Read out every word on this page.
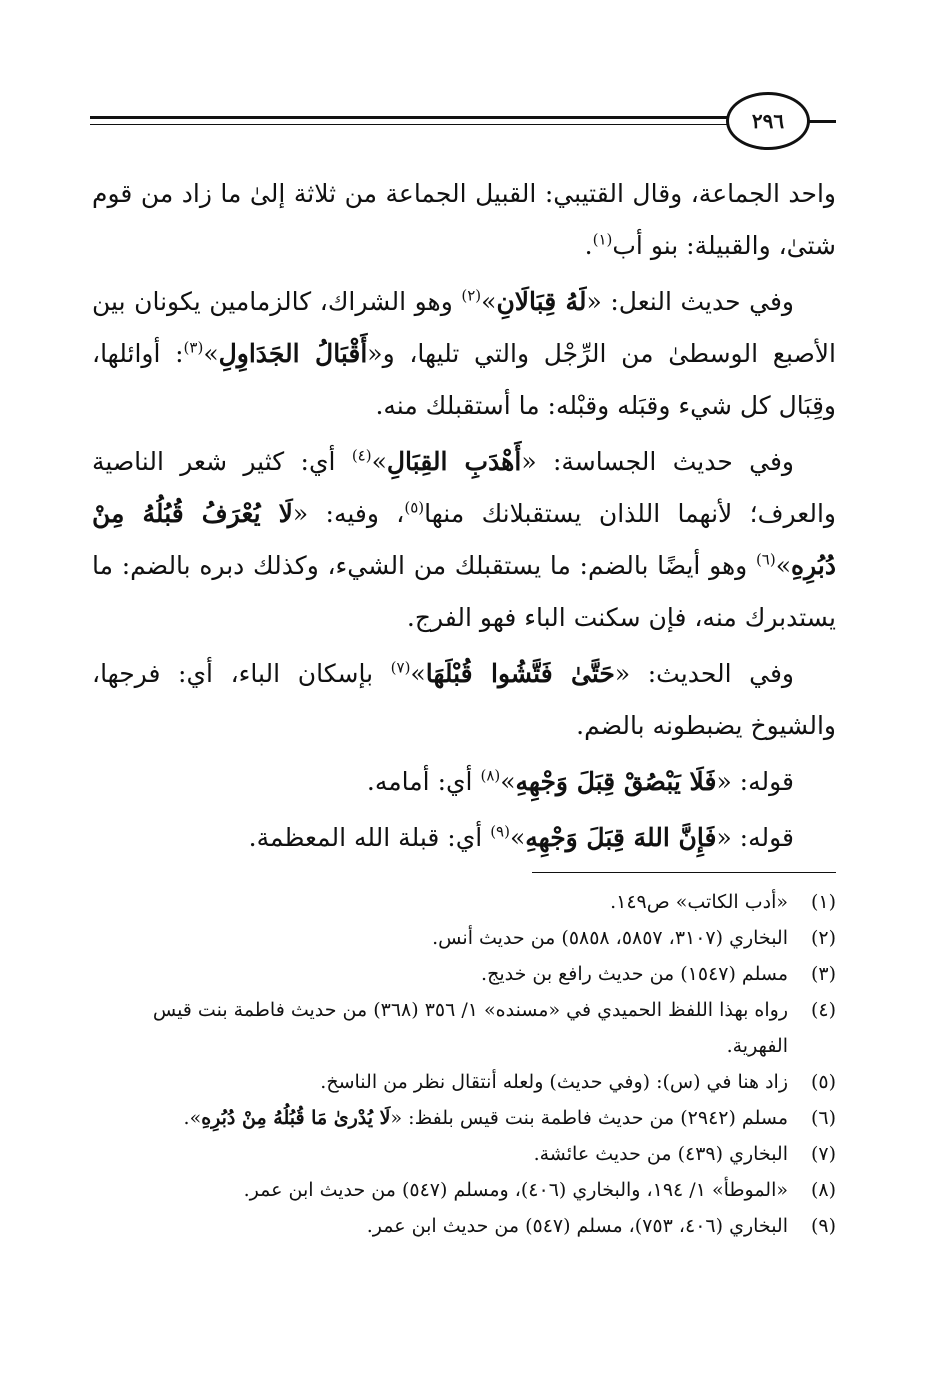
٢٩٦

واحد الجماعة، وقال القتيبي: القبيل الجماعة من ثلاثة إلىٰ ما زاد من قوم شتىٰ، والقبيلة: بنو أب$^{(١)}$.

وفي حديث النعل: «لَهُ قِبَالَانِ»$^{(٢)}$ وهو الشراك، كالزمامين يكونان بين الأصبع الوسطىٰ من الرِّجْل والتي تليها، و«أَقْبَالُ الجَدَاوِلِ»$^{(٣)}$: أوائلها، وقِبَال كل شيء وقبَله وقبْله: ما أستقبلك منه.

وفي حديث الجساسة: «أَهْدَبِ القِبَالِ»$^{(٤)}$ أي: كثير شعر الناصية والعرف؛ لأنهما اللذان يستقبلانك منها$^{(٥)}$، وفيه: «لَا يُعْرَفُ قُبُلُهُ مِنْ دُبُرِهِ»$^{(٦)}$ وهو أيضًا بالضم: ما يستقبلك من الشيء، وكذلك دبره بالضم: ما يستدبرك منه، فإن سكنت الباء فهو الفرج.

وفي الحديث: «حَتَّىٰ فَتَّشُوا قُبْلَهَا»$^{(٧)}$ بإسكان الباء، أي: فرجها، والشيوخ يضبطونه بالضم.

قوله: «فَلَا يَبْصُقْ قِبَلَ وَجْهِهِ»$^{(٨)}$ أي: أمامه.

قوله: «فَإِنَّ اللهَ قِبَلَ وَجْهِهِ»$^{(٩)}$ أي: قبلة الله المعظمة.

(١)
«أدب الكاتب» ص١٤٩.
(٢)
البخاري (٣١٠٧، ٥٨٥٧، ٥٨٥٨) من حديث أنس.
(٣)
مسلم (١٥٤٧) من حديث رافع بن خديج.
(٤)
رواه بهذا اللفظ الحميدي في «مسنده» ١/ ٣٥٦ (٣٦٨) من حديث فاطمة بنت قيس الفهرية.
(٥)
زاد هنا في (س): (وفي حديث) ولعله أنتقال نظر من الناسخ.
(٦)
مسلم (٢٩٤٢) من حديث فاطمة بنت قيس بلفظ: «لَا يُدْرىٰ مَا قُبُلُهُ مِنْ دُبُرِهِ».
(٧)
البخاري (٤٣٩) من حديث عائشة.
(٨)
«الموطأ» ١/ ١٩٤، والبخاري (٤٠٦)، ومسلم (٥٤٧) من حديث ابن عمر.
(٩)
البخاري (٤٠٦، ٧٥٣)، مسلم (٥٤٧) من حديث ابن عمر.
